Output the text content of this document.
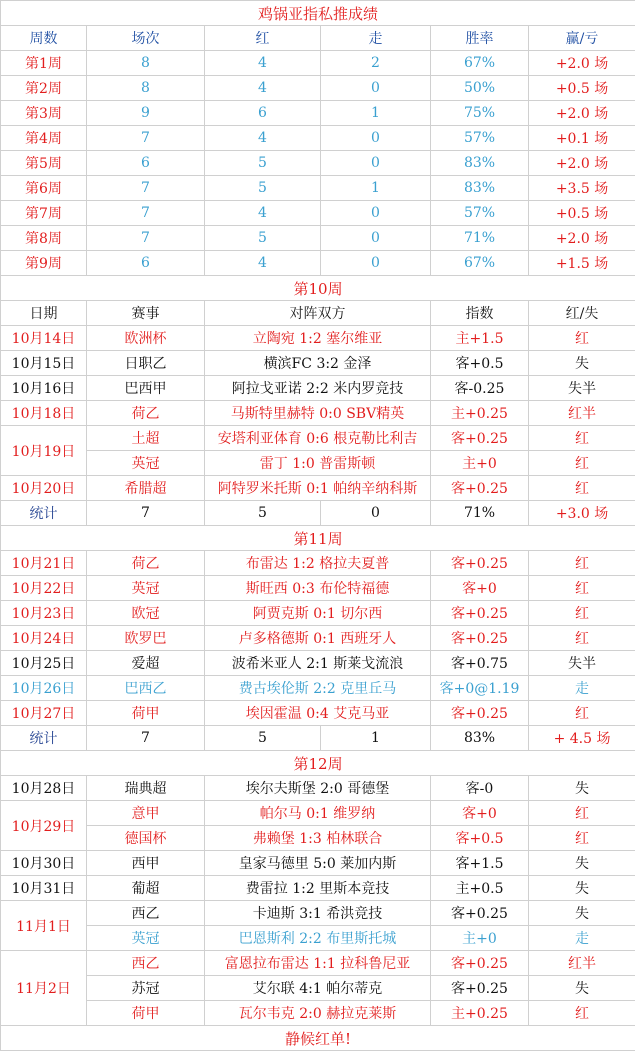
鸡锅亚指私推成绩					
周数	场次	红	走	胜率	赢/亏
第1周	8	4	2	67%	+2.0 场
第2周	8	4	0	50%	+0.5 场
第3周	9	6	1	75%	+2.0 场
第4周	7	4	0	57%	+0.1 场
第5周	6	5	0	83%	+2.0 场
第6周	7	5	1	83%	+3.5 场
第7周	7	4	0	57%	+0.5 场
第8周	7	5	0	71%	+2.0 场
第9周	6	4	0	67%	+1.5 场
第10周					
日期	赛事	对阵双方		指数	红/失
10月14日	欧洲杯	立陶宛 1:2 塞尔维亚		主+1.5	红
10月15日	日职乙	横滨FC 3:2 金泽		客+0.5	失
10月16日	巴西甲	阿拉戈亚诺 2:2 米内罗竞技		客-0.25	失半
10月18日	荷乙	马斯特里赫特 0:0 SBV精英		主+0.25	红半
10月19日	土超	安塔利亚体育 0:6 根克勒比利吉		客+0.25	红
	英冠	雷丁 1:0 普雷斯顿		主+0	红
10月20日	希腊超	阿特罗米托斯 0:1 帕纳辛纳科斯		客+0.25	红
统计	7	5	0	71%	+3.0 场
第11周					
10月21日	荷乙	布雷达 1:2 格拉夫夏普		客+0.25	红
10月22日	英冠	斯旺西 0:3 布伦特福德		客+0	红
10月23日	欧冠	阿贾克斯 0:1 切尔西		客+0.25	红
10月24日	欧罗巴	卢多格德斯 0:1 西班牙人		客+0.25	红
10月25日	爱超	波希米亚人 2:1 斯莱戈流浪		客+0.75	失半
10月26日	巴西乙	费古埃伦斯 2:2 克里丘马		客+0@1.19	走
10月27日	荷甲	埃因霍温 0:4 艾克马亚		客+0.25	红
统计	7	5	1	83%	+ 4.5 场
第12周					
10月28日	瑞典超	埃尔夫斯堡 2:0 哥德堡		客-0	失
10月29日	意甲	帕尔马 0:1 维罗纳		客+0	红
	德国杯	弗赖堡 1:3 柏林联合		客+0.5	红
10月30日	西甲	皇家马德里 5:0 莱加内斯		客+1.5	失
10月31日	葡超	费雷拉 1:2 里斯本竞技		主+0.5	失
11月1日	西乙	卡迪斯 3:1 希洪竞技		客+0.25	失
	英冠	巴恩斯利 2:2 布里斯托城		主+0	走
11月2日	西乙	富恩拉布雷达 1:1 拉科鲁尼亚		客+0.25	红半
	苏冠	艾尔联 4:1 帕尔蒂克		客+0.25	失
	荷甲	瓦尔韦克 2:0 赫拉克莱斯		主+0.25	红
静候红单!					
